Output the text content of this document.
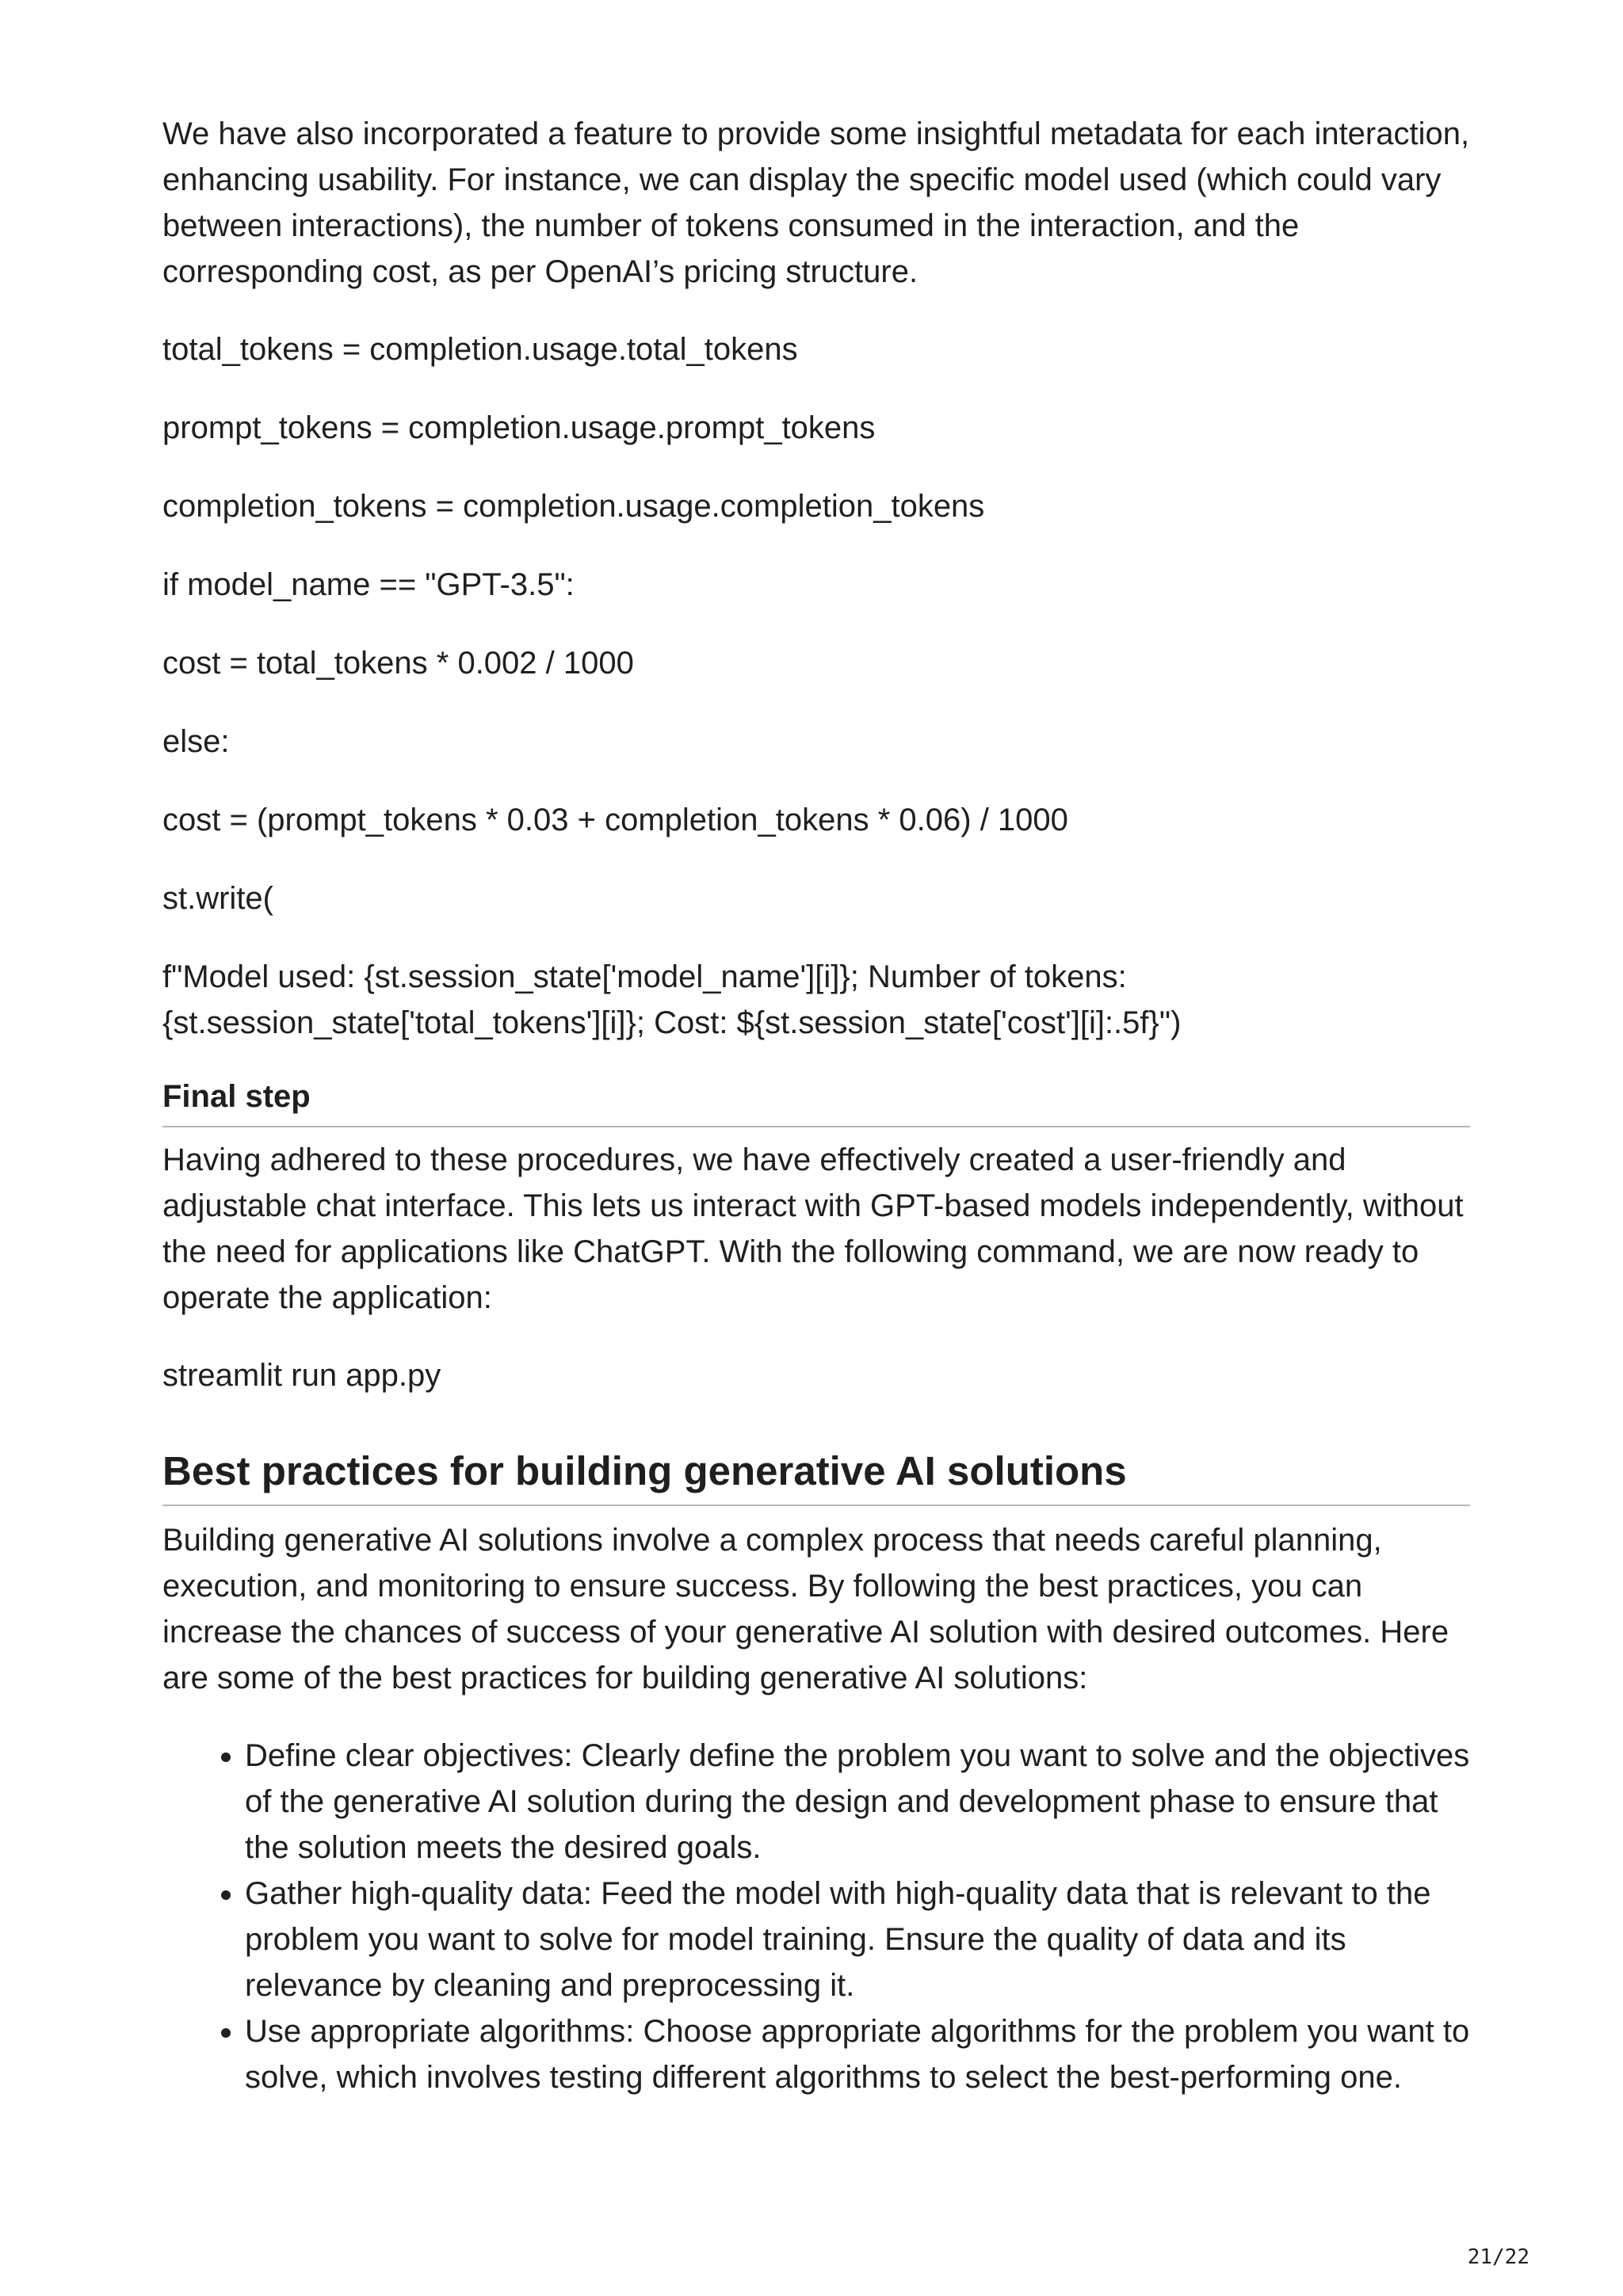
We have also incorporated a feature to provide some insightful metadata for each interaction, enhancing usability. For instance, we can display the specific model used (which could vary between interactions), the number of tokens consumed in the interaction, and the corresponding cost, as per OpenAI’s pricing structure.

total_tokens = completion.usage.total_tokens

prompt_tokens = completion.usage.prompt_tokens

completion_tokens = completion.usage.completion_tokens

if model_name == "GPT-3.5":

cost = total_tokens * 0.002 / 1000

else:

cost = (prompt_tokens * 0.03 + completion_tokens * 0.06) / 1000

st.write(

f"Model used: {st.session_state['model_name'][i]}; Number of tokens: {st.session_state['total_tokens'][i]}; Cost: ${st.session_state['cost'][i]:.5f}")

Final step

Having adhered to these procedures, we have effectively created a user-friendly and adjustable chat interface. This lets us interact with GPT-based models independently, without the need for applications like ChatGPT. With the following command, we are now ready to operate the application:

streamlit run app.py

Best practices for building generative AI solutions

Building generative AI solutions involve a complex process that needs careful planning, execution, and monitoring to ensure success. By following the best practices, you can increase the chances of success of your generative AI solution with desired outcomes. Here are some of the best practices for building generative AI solutions:

• Define clear objectives: Clearly define the problem you want to solve and the objectives of the generative AI solution during the design and development phase to ensure that the solution meets the desired goals.
• Gather high-quality data: Feed the model with high-quality data that is relevant to the problem you want to solve for model training. Ensure the quality of data and its relevance by cleaning and preprocessing it.
• Use appropriate algorithms: Choose appropriate algorithms for the problem you want to solve, which involves testing different algorithms to select the best-performing one.
21/22
